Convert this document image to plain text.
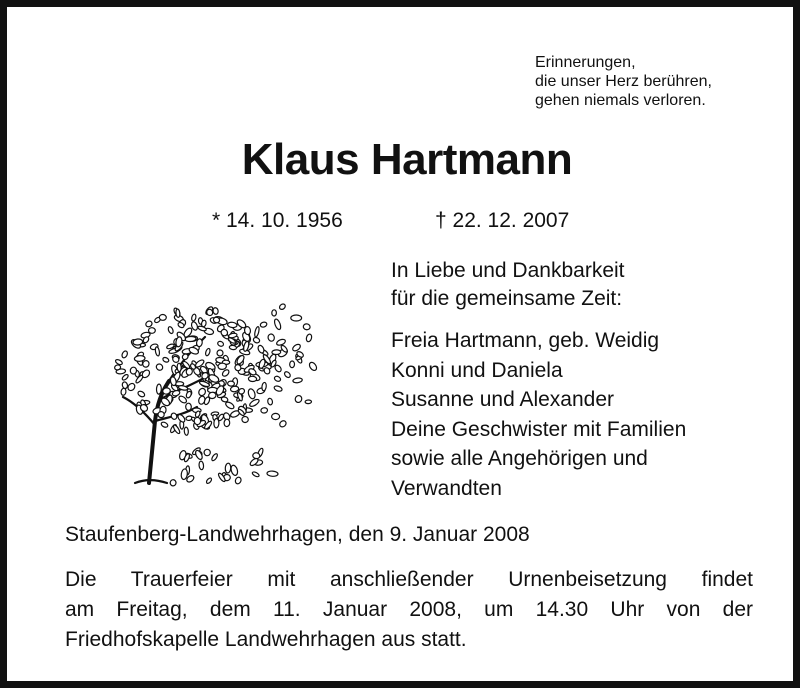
Erinnerungen,
die unser Herz berühren,
gehen niemals verloren.
Klaus Hartmann
* 14. 10. 1956	† 22. 12. 2007
In Liebe und Dankbarkeit
für die gemeinsame Zeit:
Freia Hartmann, geb. Weidig
Konni und Daniela
Susanne und Alexander
Deine Geschwister mit Familien
sowie alle Angehörigen und
Verwandten
Staufenberg-Landwehrhagen, den 9. Januar 2008
Die Trauerfeier mit anschließender Urnenbeisetzung findet
am Freitag, dem 11. Januar 2008, um 14.30 Uhr von der
Friedhofskapelle Landwehrhagen aus statt.
